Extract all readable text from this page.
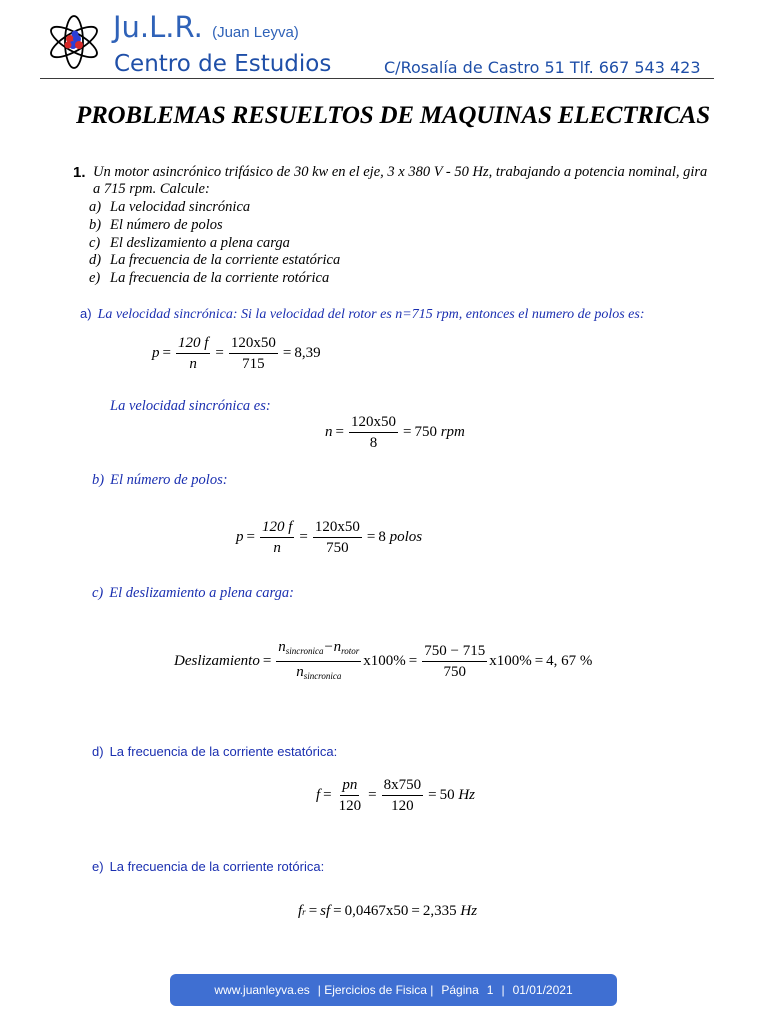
Ju.L.R. (Juan Leyva)
Centro de Estudios	C/Rosalía de Castro 51 Tlf. 667 543 423
PROBLEMAS RESUELTOS DE MAQUINAS ELECTRICAS
1. Un motor asincrónico trifásico de 30 kw en el eje, 3 x 380 V - 50 Hz, trabajando a potencia nominal, gira a 715 rpm. Calcule:
a) La velocidad sincrónica
b) El número de polos
c) El deslizamiento a plena carga
d) La frecuencia de la corriente estatórica
e) La frecuencia de la corriente rotórica
a) La velocidad sincrónica: Si la velocidad del rotor es n=715 rpm, entonces el numero de polos es:
$p = \frac{120 f}{n} = \frac{120x50}{715} = 8,39$
La velocidad sincrónica es:
$n = \frac{120x50}{8} = 750$
rpm
b) El número de polos:
$p = \frac{120 f}{n} = \frac{120x50}{750} = 8$
polos
c) El deslizamiento a plena carga:
Deslizamiento = $\frac{n_{sincronica}-n_{rotor}}{n_{sincronica}} x100\% = \frac{750 - 715}{750} x100\% = 4$, 67 %
d) La frecuencia de la corriente estatórica:
$f = \frac{pn}{120} = \frac{8x750}{120} = 50$
Hz
e) La frecuencia de la corriente rotórica:
f r = sf = 0,0467x50 = 2,335
Hz
www.juanleyva.es | Ejercicios de Fisica | Página 1 | 01/01/2021
